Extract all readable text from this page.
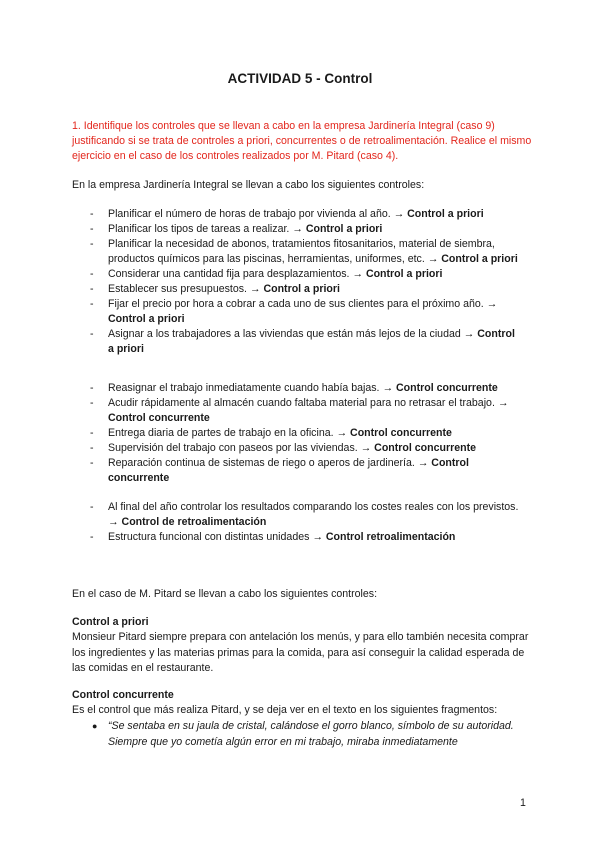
ACTIVIDAD 5 - Control
1. Identifique los controles que se llevan a cabo en la empresa Jardinería Integral (caso 9) justificando si se trata de controles a priori, concurrentes o de retroalimentación. Realice el mismo ejercicio en el caso de los controles realizados por M. Pitard (caso 4).
En la empresa Jardinería Integral se llevan a cabo los siguientes controles:
- Planificar el número de horas de trabajo por vivienda al año. → Control a priori
- Planificar los tipos de tareas a realizar. → Control a priori
- Planificar la necesidad de abonos, tratamientos fitosanitarios, material de siembra, productos químicos para las piscinas, herramientas, uniformes, etc. → Control a priori
- Considerar una cantidad fija para desplazamientos. → Control a priori
- Establecer sus presupuestos. → Control a priori
- Fijar el precio por hora a cobrar a cada uno de sus clientes para el próximo año. → Control a priori
- Asignar a los trabajadores a las viviendas que están más lejos de la ciudad → Control a priori
- Reasignar el trabajo inmediatamente cuando había bajas. → Control concurrente
- Acudir rápidamente al almacén cuando faltaba material para no retrasar el trabajo. → Control concurrente
- Entrega diaria de partes de trabajo en la oficina. → Control concurrente
- Supervisión del trabajo con paseos por las viviendas. → Control concurrente
- Reparación continua de sistemas de riego o aperos de jardinería. → Control concurrente
- Al final del año controlar los resultados comparando los costes reales con los previstos. → Control de retroalimentación
- Estructura funcional con distintas unidades → Control retroalimentación
En el caso de M. Pitard se llevan a cabo los siguientes controles:
Control a priori
Monsieur Pitard siempre prepara con antelación los menús, y para ello también necesita comprar los ingredientes y las materias primas para la comida, para así conseguir la calidad esperada de las comidas en el restaurante.
Control concurrente
Es el control que más realiza Pitard, y se deja ver en el texto en los siguientes fragmentos:
● “Se sentaba en su jaula de cristal, calándose el gorro blanco, símbolo de su autoridad. Siempre que yo cometía algún error en mi trabajo, miraba inmediatamente
1
